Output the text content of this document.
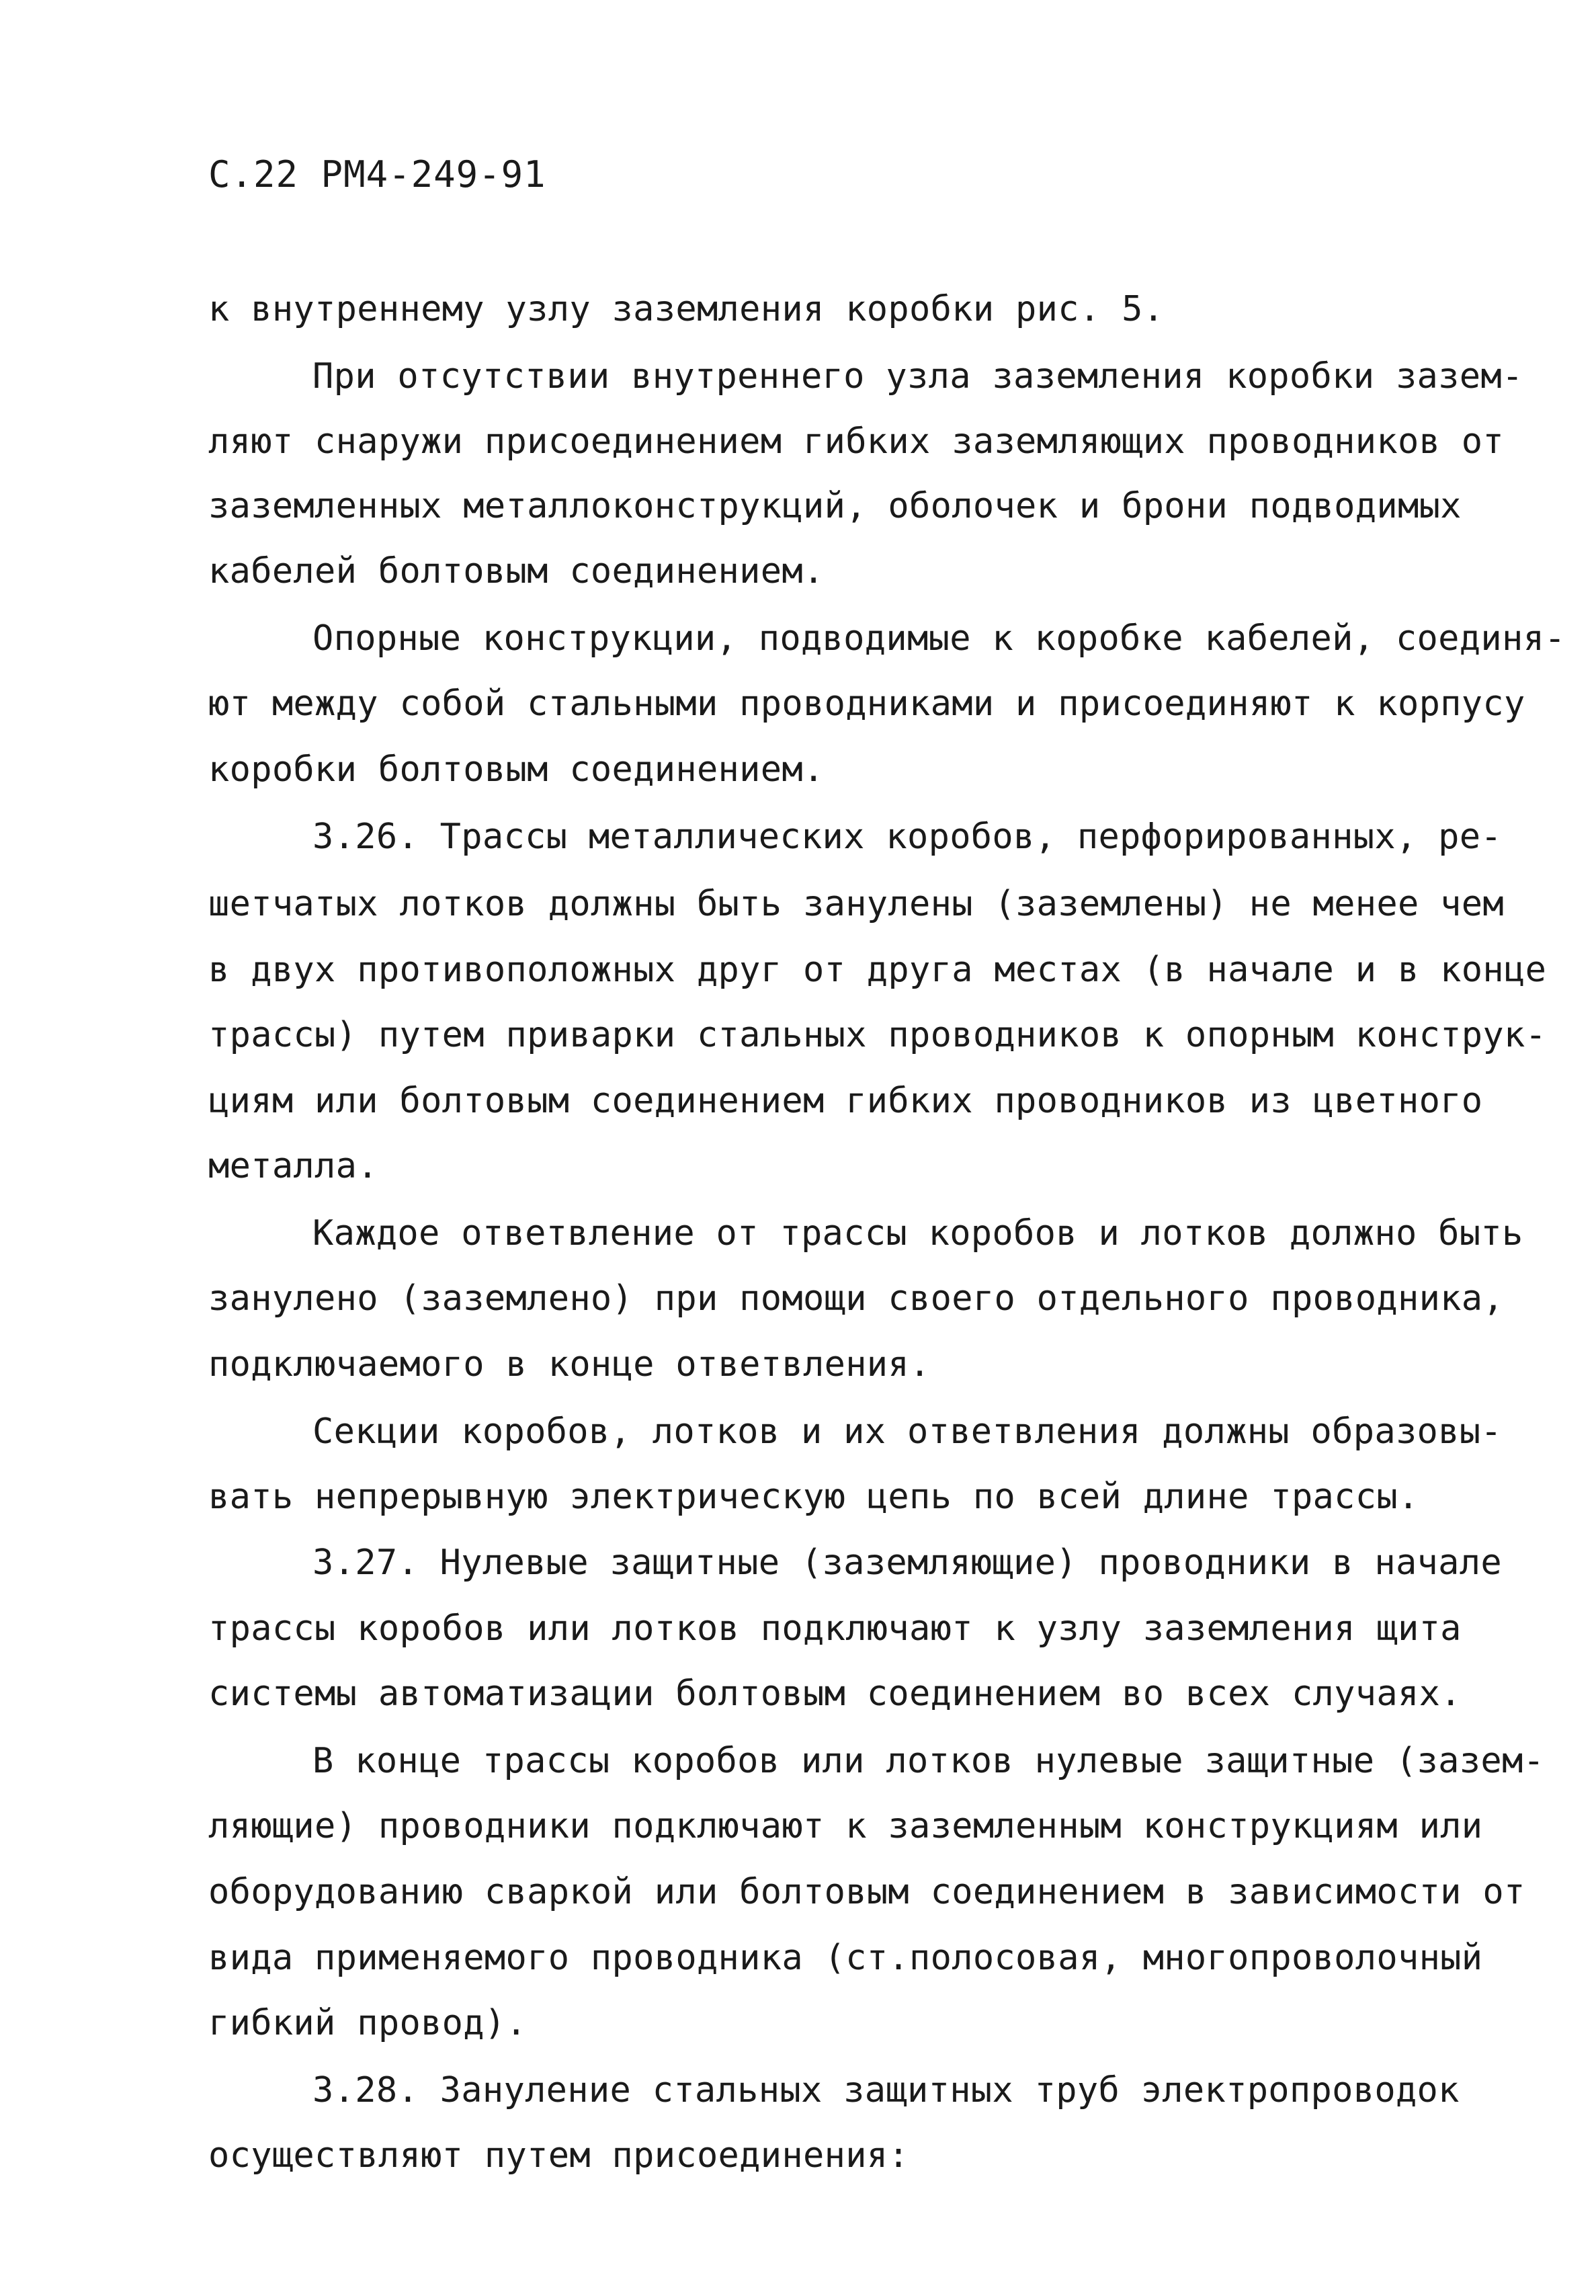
С.22 РМ4-249-91
к внутреннему узлу заземления коробки рис. 5.
При отсутствии внутреннего узла заземления коробки зазем-
ляют снаружи присоединением гибких заземляющих проводников от
заземленных металлоконструкций, оболочек и брони подводимых
кабелей болтовым соединением.
Опорные конструкции, подводимые к коробке кабелей, соединя-
ют между собой стальными проводниками и присоединяют к корпусу
коробки болтовым соединением.
3.26. Трассы металлических коробов, перфорированных, ре-
шетчатых лотков должны быть занулены (заземлены) не менее чем
в двух противоположных друг от друга местах (в начале и в конце
трассы) путем приварки стальных проводников к опорным конструк-
циям или болтовым соединением гибких проводников из цветного
металла.
Каждое ответвление от трассы коробов и лотков должно быть
занулено (заземлено) при помощи своего отдельного проводника,
подключаемого в конце ответвления.
Секции коробов, лотков и их ответвления должны образовы-
вать непрерывную электрическую цепь по всей длине трассы.
3.27. Нулевые защитные (заземляющие) проводники в начале
трассы коробов или лотков подключают к узлу заземления щита
системы автоматизации болтовым соединением во всех случаях.
В конце трассы коробов или лотков нулевые защитные (зазем-
ляющие) проводники подключают к заземленным конструкциям или
оборудованию сваркой или болтовым соединением в зависимости от
вида применяемого проводника (ст.полосовая, многопроволочный
гибкий провод).
3.28. Зануление стальных защитных труб электропроводок
осуществляют путем присоединения:
